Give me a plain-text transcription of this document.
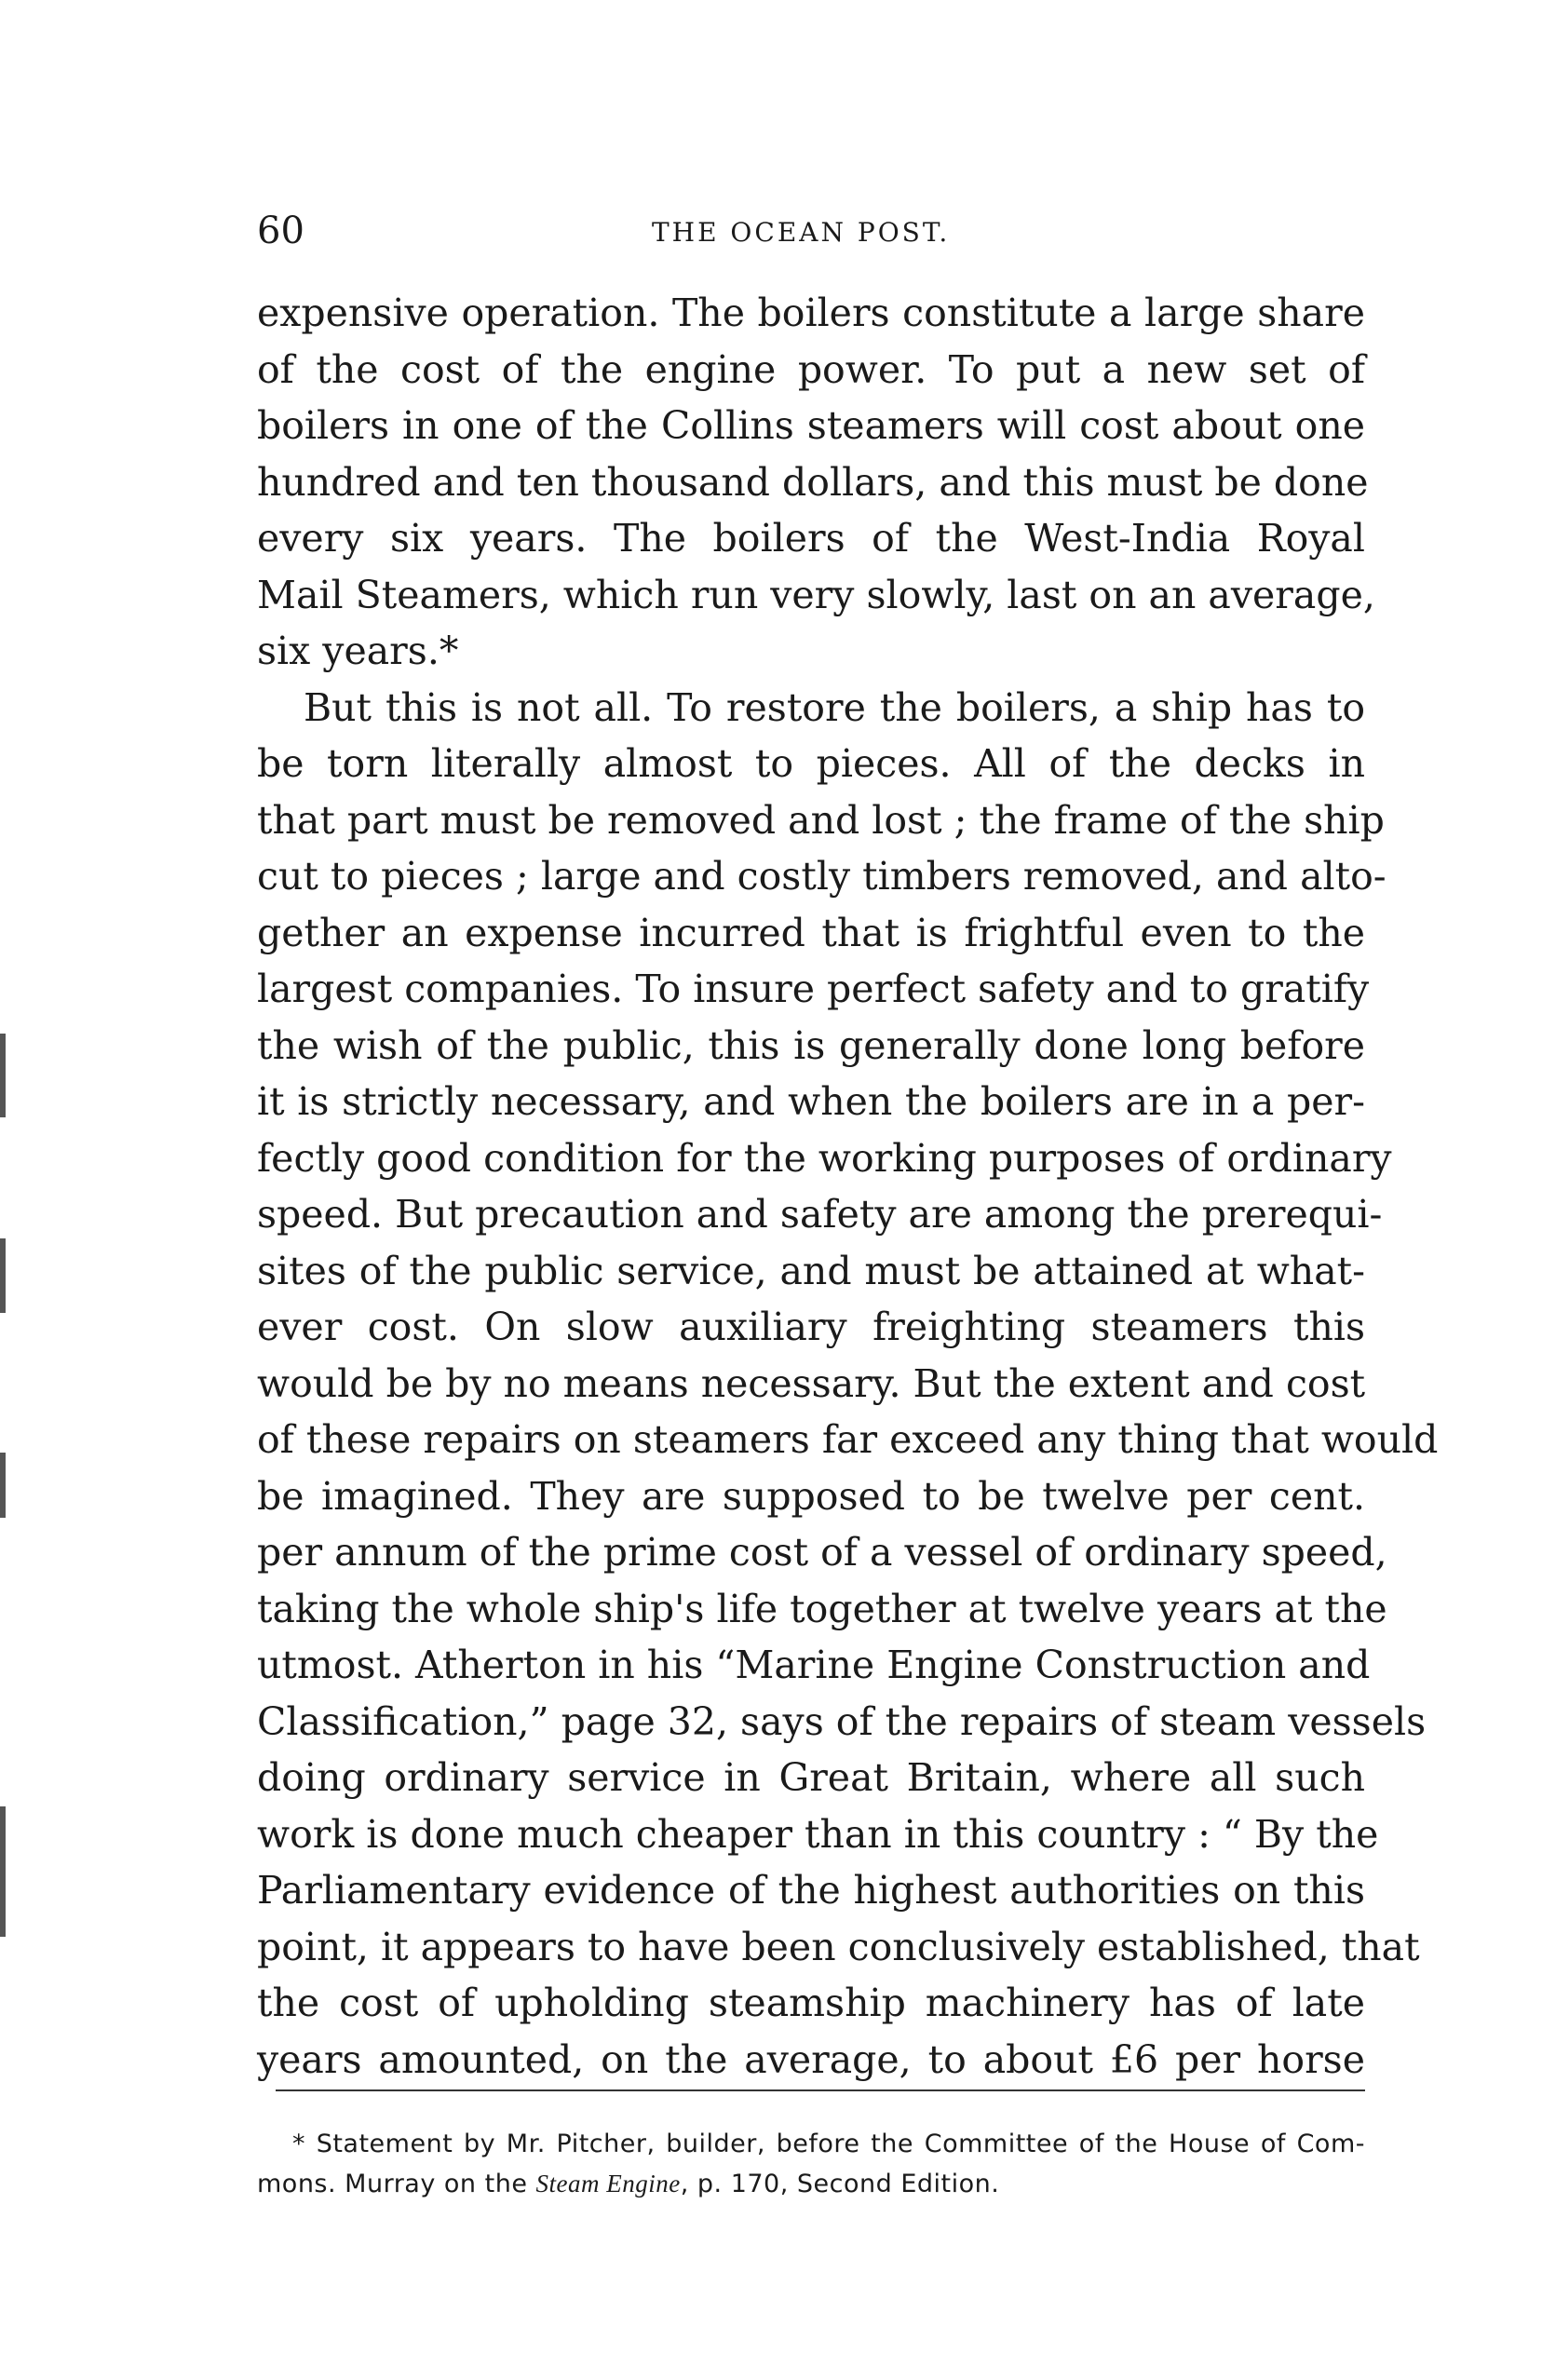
60	THE OCEAN POST.
expensive operation. The boilers constitute a large share
of the cost of the engine power. To put a new set of
boilers in one of the Collins steamers will cost about one
hundred and ten thousand dollars, and this must be done
every six years. The boilers of the West-India Royal
Mail Steamers, which run very slowly, last on an average,
six years.*
But this is not all. To restore the boilers, a ship has to
be torn literally almost to pieces. All of the decks in
that part must be removed and lost ; the frame of the ship
cut to pieces ; large and costly timbers removed, and alto-
gether an expense incurred that is frightful even to the
largest companies. To insure perfect safety and to gratify
the wish of the public, this is generally done long before
it is strictly necessary, and when the boilers are in a per-
fectly good condition for the working purposes of ordinary
speed. But precaution and safety are among the prerequi-
sites of the public service, and must be attained at what-
ever cost. On slow auxiliary freighting steamers this
would be by no means necessary. But the extent and cost
of these repairs on steamers far exceed any thing that would
be imagined. They are supposed to be twelve per cent.
per annum of the prime cost of a vessel of ordinary speed,
taking the whole ship's life together at twelve years at the
utmost. Atherton in his “Marine Engine Construction and
Classification,” page 32, says of the repairs of steam vessels
doing ordinary service in Great Britain, where all such
work is done much cheaper than in this country : “ By the
Parliamentary evidence of the highest authorities on this
point, it appears to have been conclusively established, that
the cost of upholding steamship machinery has of late
years amounted, on the average, to about £6 per horse
* Statement by Mr. Pitcher, builder, before the Committee of the House of Com-
mons. Murray on the Steam Engine, p. 170, Second Edition.
